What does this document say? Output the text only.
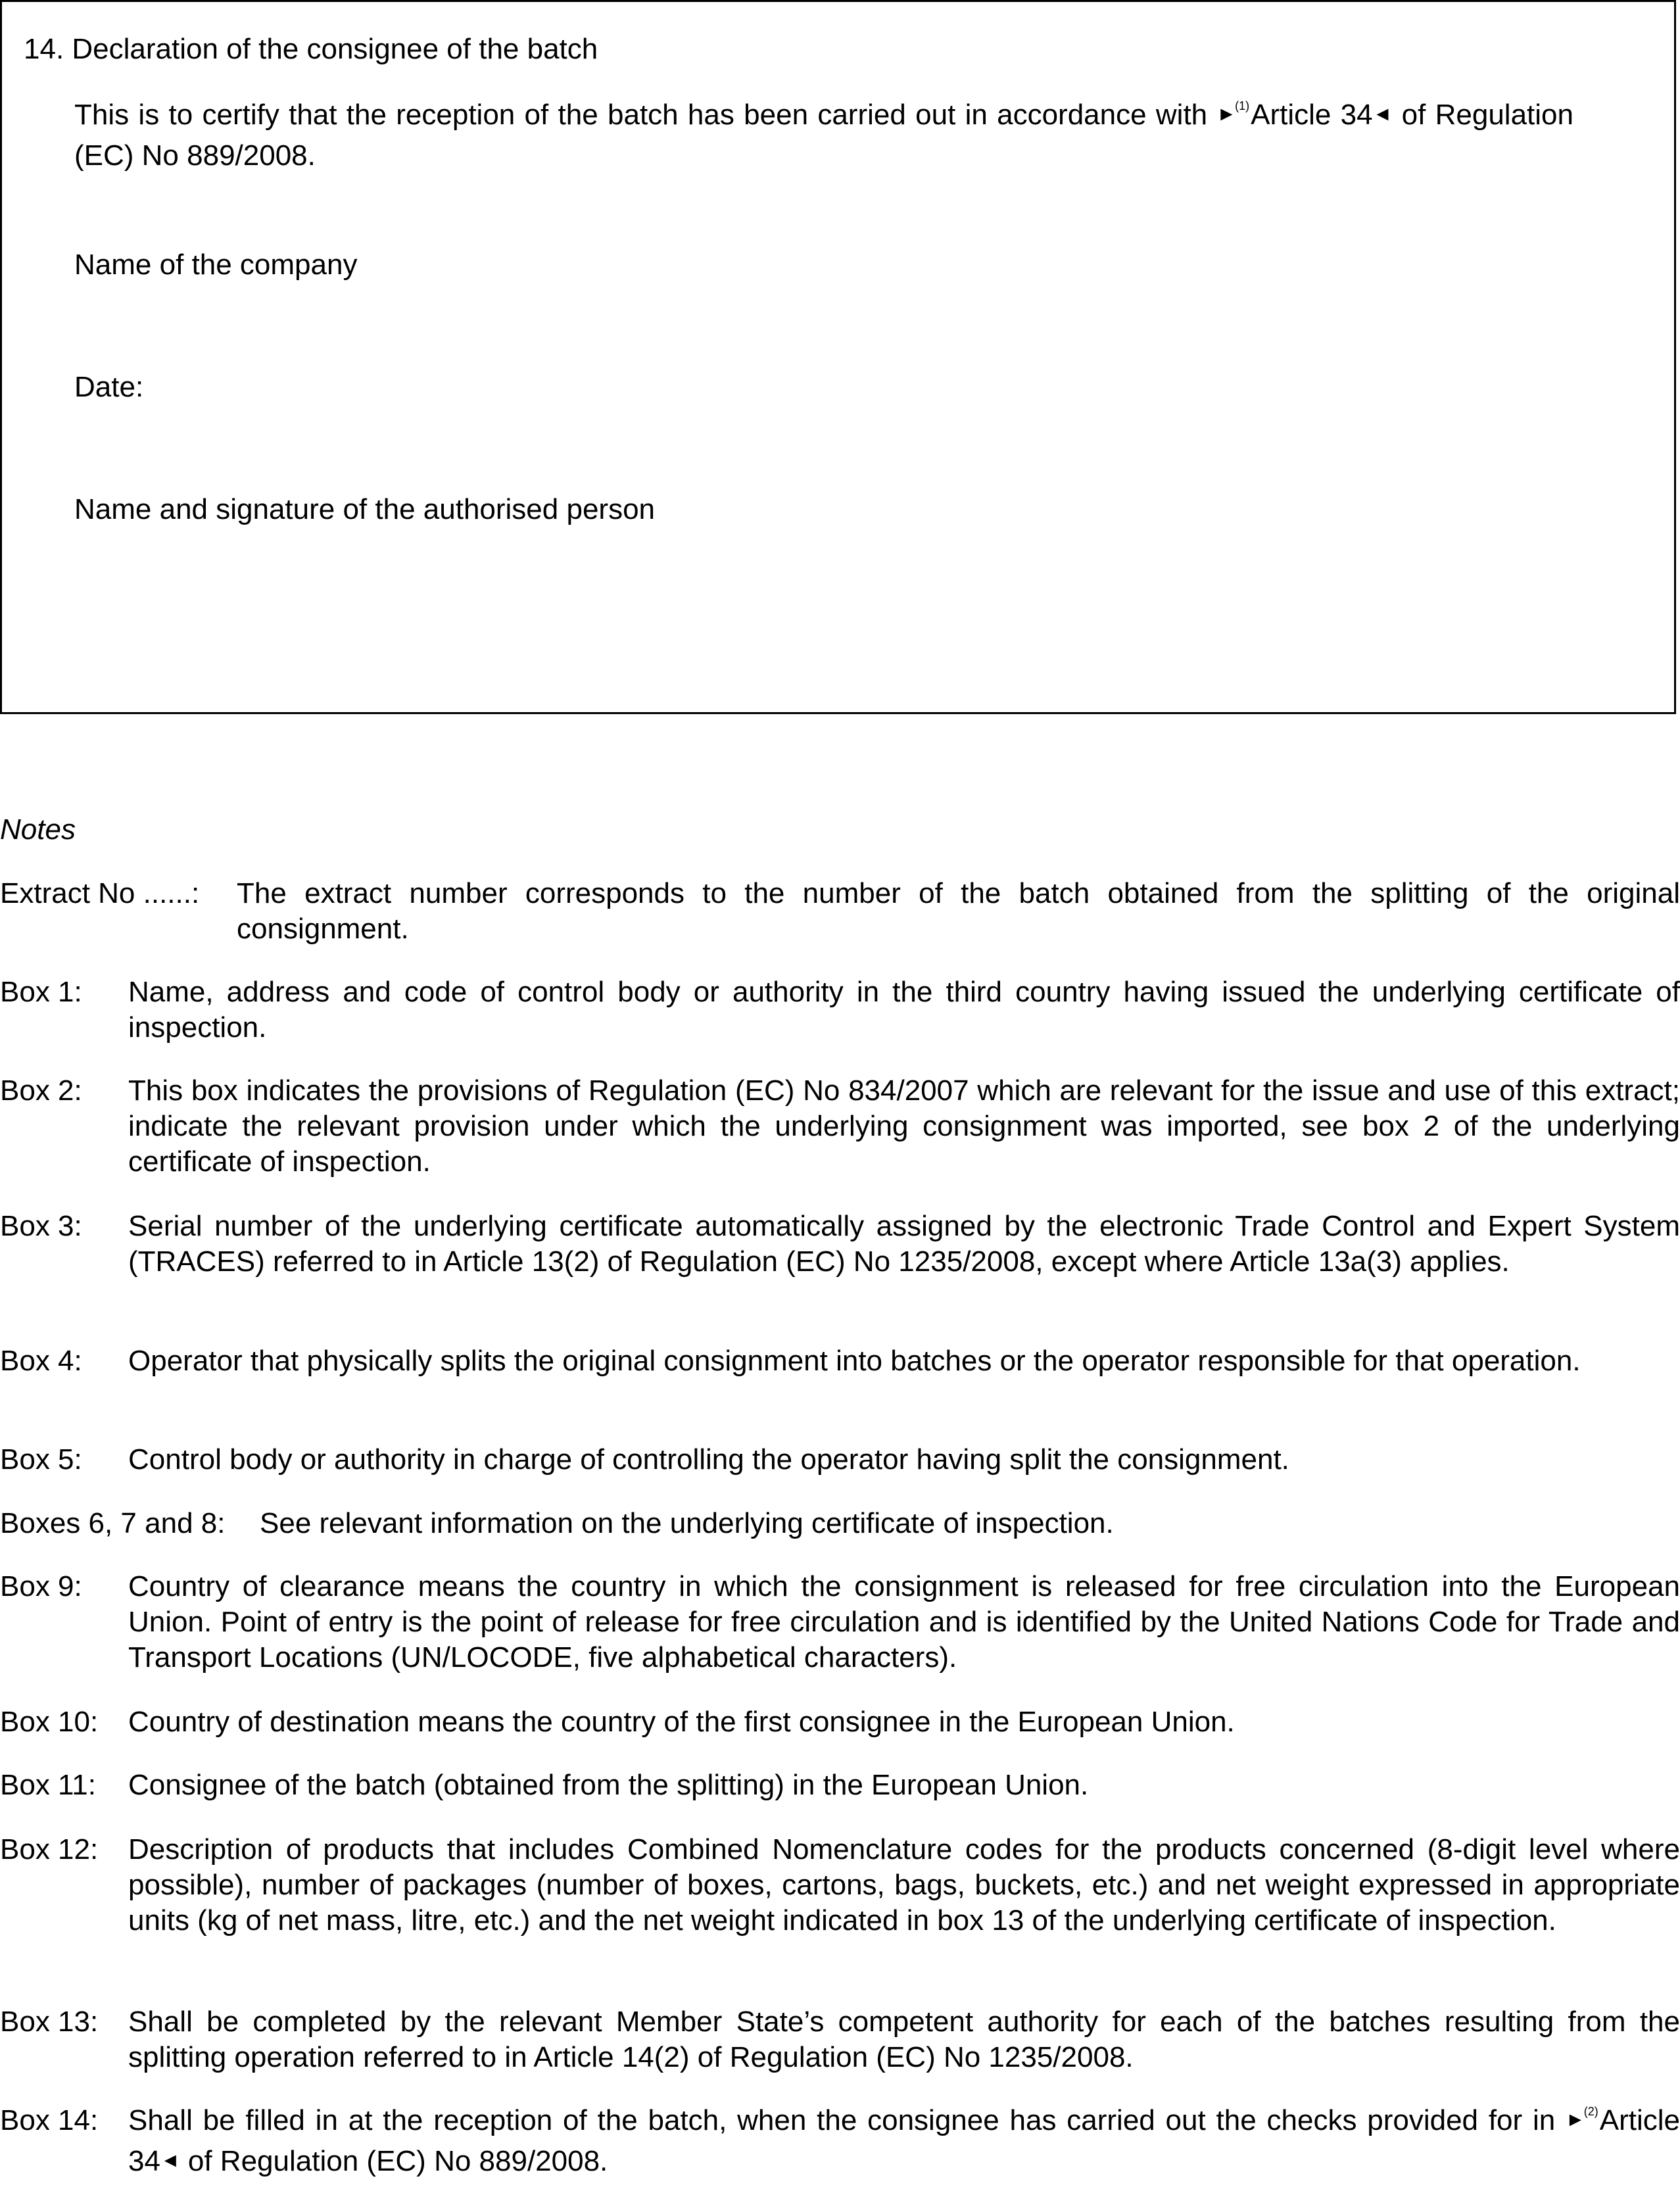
14. Declaration of the consignee of the batch
This is to certify that the reception of the batch has been carried out in accordance with ►$^{(1)}$Article 34◄ of Regulation (EC) No 889/2008.
Name of the company
Date:
Name and signature of the authorised person
Notes
Extract No ......: The extract number corresponds to the number of the batch obtained from the splitting of the original consignment.
Box 1: Name, address and code of control body or authority in the third country having issued the underlying certificate of inspection.
Box 2: This box indicates the provisions of Regulation (EC) No 834/2007 which are relevant for the issue and use of this extract; indicate the relevant provision under which the underlying consignment was imported, see box 2 of the underlying certificate of inspection.
Box 3: Serial number of the underlying certificate automatically assigned by the electronic Trade Control and Expert System (TRACES) referred to in Article 13(2) of Regulation (EC) No 1235/2008, except where Article 13a(3) applies.
Box 4: Operator that physically splits the original consignment into batches or the operator responsible for that operation.
Box 5: Control body or authority in charge of controlling the operator having split the consignment.
Boxes 6, 7 and 8: See relevant information on the underlying certificate of inspection.
Box 9: Country of clearance means the country in which the consignment is released for free circulation into the European Union. Point of entry is the point of release for free circulation and is identified by the United Nations Code for Trade and Transport Locations (UN/LOCODE, five alphabetical characters).
Box 10: Country of destination means the country of the first consignee in the European Union.
Box 11: Consignee of the batch (obtained from the splitting) in the European Union.
Box 12: Description of products that includes Combined Nomenclature codes for the products concerned (8-digit level where possible), number of packages (number of boxes, cartons, bags, buckets, etc.) and net weight expressed in appropriate units (kg of net mass, litre, etc.) and the net weight indicated in box 13 of the underlying certificate of inspection.
Box 13: Shall be completed by the relevant Member State’s competent authority for each of the batches resulting from the splitting operation referred to in Article 14(2) of Regulation (EC) No 1235/2008.
Box 14: Shall be filled in at the reception of the batch, when the consignee has carried out the checks provided for in ►$^{(2)}$Article 34◄ of Regulation (EC) No 889/2008.
